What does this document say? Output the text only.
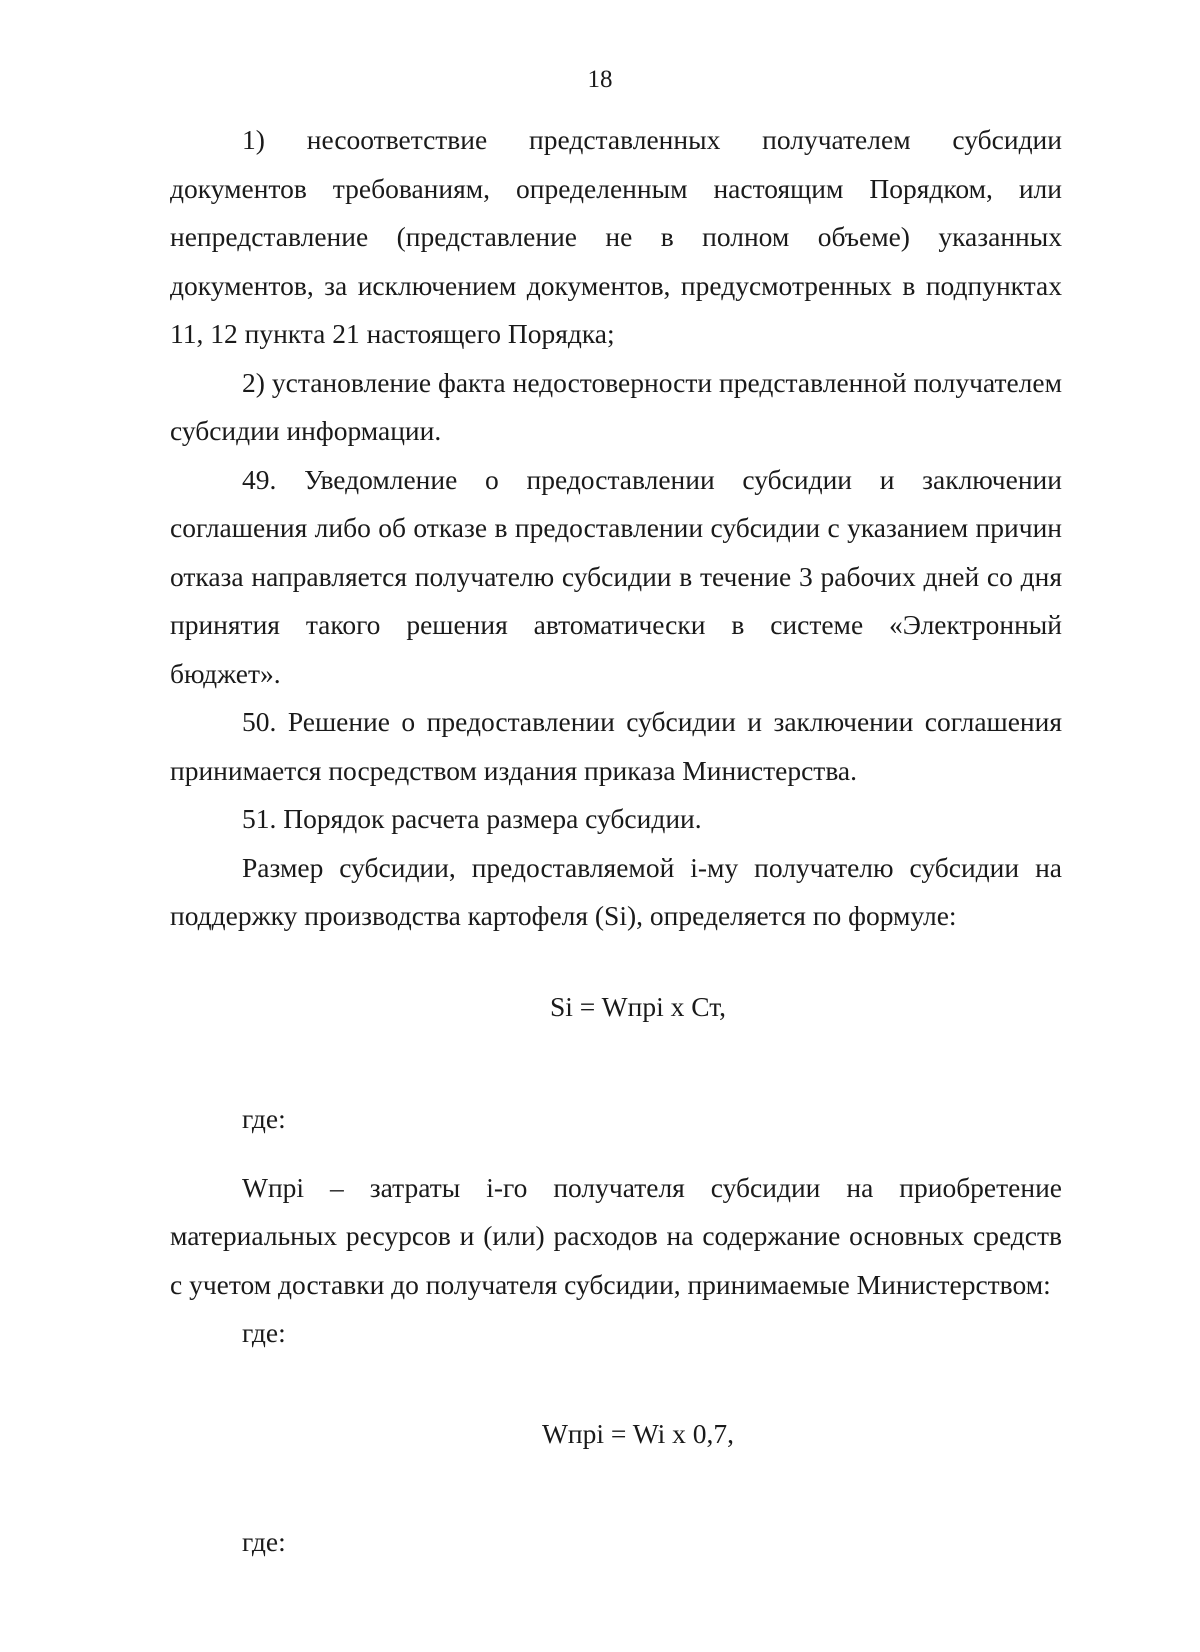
18

1) несоответствие представленных получателем субсидии документов требованиям, определенным настоящим Порядком, или непредставление (представление не в полном объеме) указанных документов, за исключением документов, предусмотренных в подпунктах 11, 12 пункта 21 настоящего Порядка;

2) установление факта недостоверности представленной получателем субсидии информации.

49. Уведомление о предоставлении субсидии и заключении соглашения либо об отказе в предоставлении субсидии с указанием причин отказа направляется получателю субсидии в течение 3 рабочих дней со дня принятия такого решения автоматически в системе «Электронный бюджет».

50. Решение о предоставлении субсидии и заключении соглашения принимается посредством издания приказа Министерства.

51. Порядок расчета размера субсидии.

Размер субсидии, предоставляемой i-му получателю субсидии на поддержку производства картофеля (Si), определяется по формуле:

Si = Wпрi х Ст,

где:

Wпрi – затраты i-го получателя субсидии на приобретение материальных ресурсов и (или) расходов на содержание основных средств с учетом доставки до получателя субсидии, принимаемые Министерством:

где:

Wпрi = Wi х 0,7,

где:
